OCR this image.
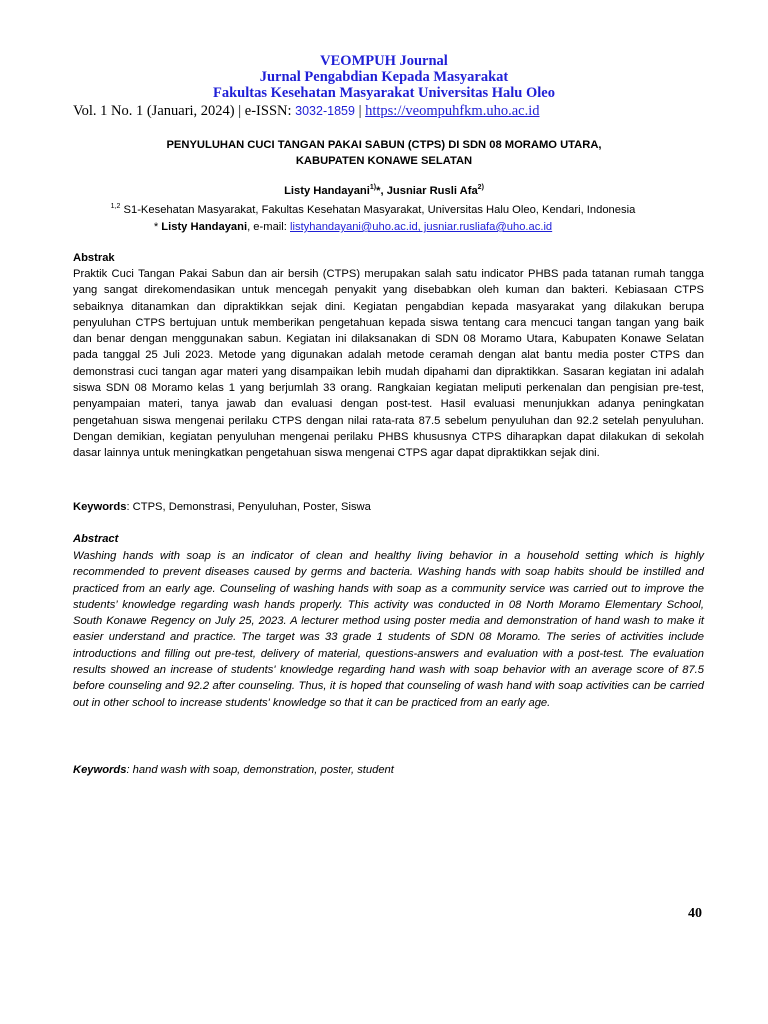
VEOMPUH Journal
Jurnal Pengabdian Kepada Masyarakat
Fakultas Kesehatan Masyarakat Universitas Halu Oleo
Vol. 1 No. 1 (Januari, 2024) | e-ISSN: 3032-1859 | https://veompuhfkm.uho.ac.id
PENYULUHAN CUCI TANGAN PAKAI SABUN (CTPS) DI SDN 08 MORAMO UTARA,
KABUPATEN KONAWE SELATAN
Listy Handayani$^{1)}$*, Jusniar Rusli Afa$^{2)}$
$^{1,2}$ S1-Kesehatan Masyarakat, Fakultas Kesehatan Masyarakat, Universitas Halu Oleo, Kendari, Indonesia
* Listy Handayani, e-mail: listyhandayani@uho.ac.id, jusniar.rusliafa@uho.ac.id
Abstrak
Praktik Cuci Tangan Pakai Sabun dan air bersih (CTPS) merupakan salah satu indicator PHBS pada tatanan rumah tangga yang sangat direkomendasikan untuk mencegah penyakit yang disebabkan oleh kuman dan bakteri. Kebiasaan CTPS sebaiknya ditanamkan dan dipraktikkan sejak dini. Kegiatan pengabdian kepada masyarakat yang dilakukan berupa penyuluhan CTPS bertujuan untuk memberikan pengetahuan kepada siswa tentang cara mencuci tangan tangan yang baik dan benar dengan menggunakan sabun. Kegiatan ini dilaksanakan di SDN 08 Moramo Utara, Kabupaten Konawe Selatan pada tanggal 25 Juli 2023. Metode yang digunakan adalah metode ceramah dengan alat bantu media poster CTPS dan demonstrasi cuci tangan agar materi yang disampaikan lebih mudah dipahami dan dipraktikkan. Sasaran kegiatan ini adalah siswa SDN 08 Moramo kelas 1 yang berjumlah 33 orang. Rangkaian kegiatan meliputi perkenalan dan pengisian pre-test, penyampaian materi, tanya jawab dan evaluasi dengan post-test. Hasil evaluasi menunjukkan adanya peningkatan pengetahuan siswa mengenai perilaku CTPS dengan nilai rata-rata 87.5 sebelum penyuluhan dan 92.2 setelah penyuluhan. Dengan demikian, kegiatan penyuluhan mengenai perilaku PHBS khususnya CTPS diharapkan dapat dilakukan di sekolah dasar lainnya untuk meningkatkan pengetahuan siswa mengenai CTPS agar dapat dipraktikkan sejak dini.
Keywords: CTPS, Demonstrasi, Penyuluhan, Poster, Siswa
Abstract
Washing hands with soap is an indicator of clean and healthy living behavior in a household setting which is highly recommended to prevent diseases caused by germs and bacteria. Washing hands with soap habits should be instilled and practiced from an early age. Counseling of washing hands with soap as a community service was carried out to improve the students’ knowledge regarding wash hands properly. This activity was conducted in 08 North Moramo Elementary School, South Konawe Regency on July 25, 2023. A lecturer method using poster media and demonstration of hand wash to make it easier understand and practice. The target was 33 grade 1 students of SDN 08 Moramo. The series of activities include introductions and filling out pre-test, delivery of material, questions-answers and evaluation with a post-test. The evaluation results showed an increase of students' knowledge regarding hand wash with soap behavior with an average score of 87.5 before counseling and 92.2 after counseling. Thus, it is hoped that counseling of wash hand with soap activities can be carried out in other school to increase students' knowledge so that it can be practiced from an early age.
Keywords: hand wash with soap, demonstration, poster, student
40
